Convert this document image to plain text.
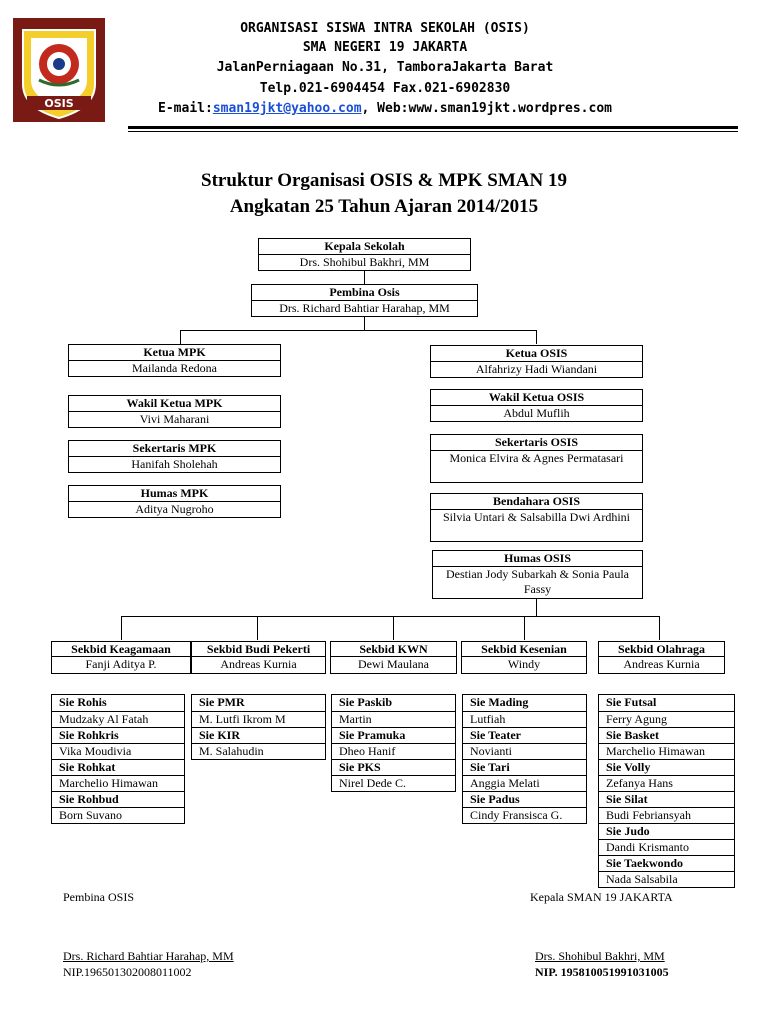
OSIS
ORGANISASI SISWA INTRA SEKOLAH (OSIS)
SMA NEGERI 19 JAKARTA
JalanPerniagaan No.31, TamboraJakarta Barat
Telp.021-6904454 Fax.021-6902830
E-mail:sman19jkt@yahoo.com, Web:www.sman19jkt.wordpres.com
Struktur Organisasi OSIS & MPK SMAN 19
Angkatan 25 Tahun Ajaran 2014/2015
Kepala Sekolah
Drs. Shohibul Bakhri, MM
Pembina Osis
Drs. Richard Bahtiar Harahap, MM
Ketua MPK
Mailanda Redona
Wakil Ketua MPK
Vivi Maharani
Sekertaris MPK
Hanifah Sholehah
Humas MPK
Aditya Nugroho
Ketua OSIS
Alfahrizy Hadi Wiandani
Wakil Ketua OSIS
Abdul Muflih
Sekertaris OSIS
Monica Elvira & Agnes Permatasari
Bendahara OSIS
Silvia Untari & Salsabilla Dwi Ardhini
Humas OSIS
Destian Jody Subarkah & Sonia Paula Fassy
Sekbid Keagamaan
Fanji Aditya P.
Sekbid Budi Pekerti
Andreas Kurnia
Sekbid KWN
Dewi Maulana
Sekbid Kesenian
Windy
Sekbid Olahraga
Andreas Kurnia
Sie Rohis
Mudzaky Al Fatah
Sie Rohkris
Vika Moudivia
Sie Rohkat
Marchelio Himawan
Sie Rohbud
Born Suvano
Sie PMR
M. Lutfi Ikrom M
Sie KIR
M. Salahudin
Sie Paskib
Martin
Sie Pramuka
Dheo Hanif
Sie PKS
Nirel Dede C.
Sie Mading
Lutfiah
Sie Teater
Novianti
Sie Tari
Anggia Melati
Sie Padus
Cindy Fransisca G.
Sie Futsal
Ferry Agung
Sie Basket
Marchelio Himawan
Sie Volly
Zefanya Hans
Sie Silat
Budi Febriansyah
Sie Judo
Dandi Krismanto
Sie Taekwondo
Nada Salsabila
Pembina OSIS
Drs. Richard Bahtiar Harahap, MM
NIP.196501302008011002
Kepala SMAN 19 JAKARTA
Drs. Shohibul Bakhri, MM
NIP. 195810051991031005
